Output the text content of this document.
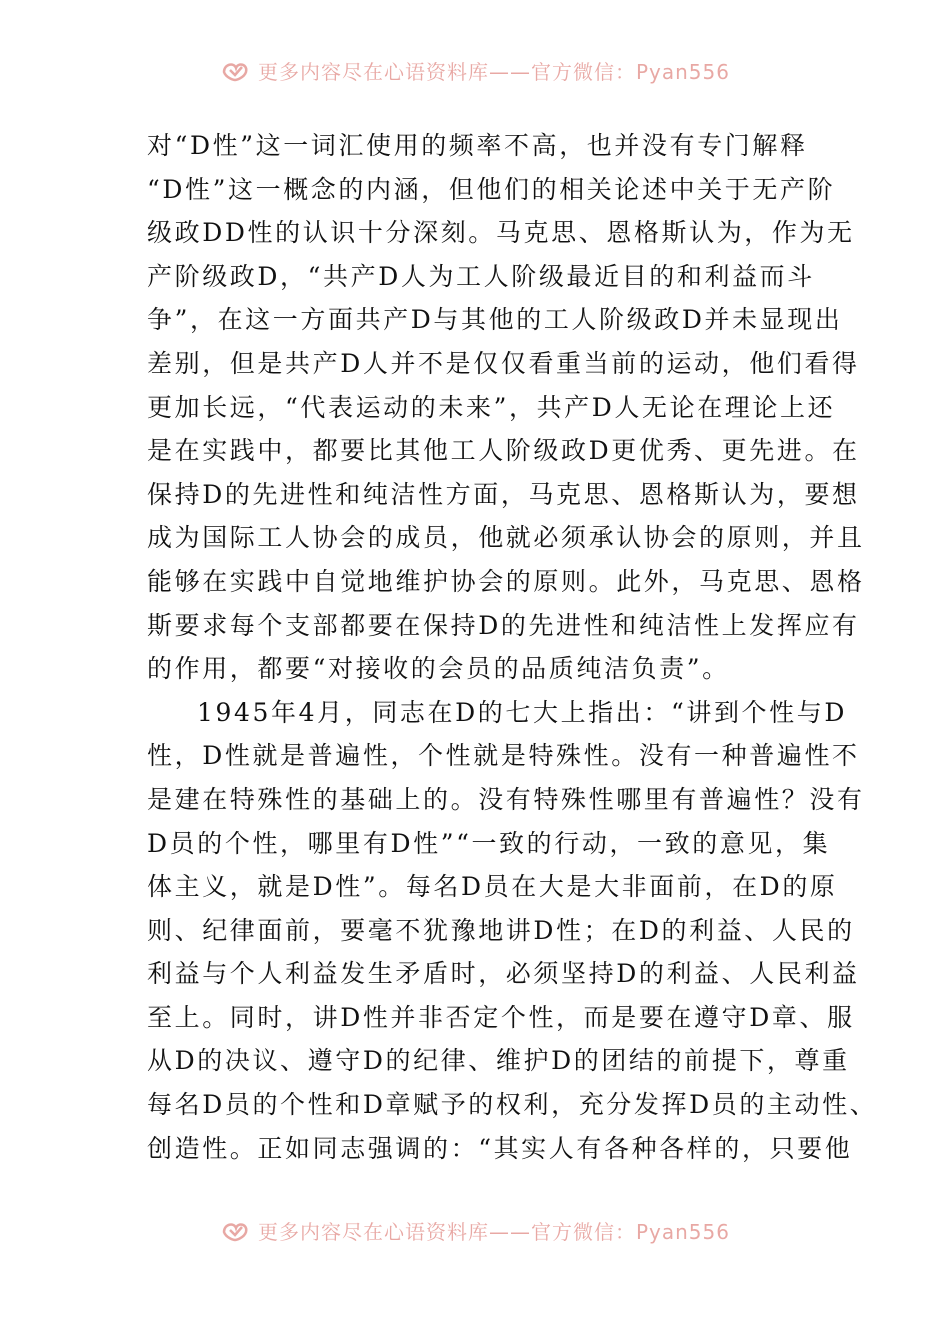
更多内容尽在心语资料库——官方微信：Pyan556
对“D性”这一词汇使用的频率不高，也并没有专门解释
“D性”这一概念的内涵，但他们的相关论述中关于无产阶
级政DD性的认识十分深刻。马克思、恩格斯认为，作为无
产阶级政D，“共产D人为工人阶级最近目的和利益而斗
争”，在这一方面共产D与其他的工人阶级政D并未显现出
差别，但是共产D人并不是仅仅看重当前的运动，他们看得
更加长远，“代表运动的未来”，共产D人无论在理论上还
是在实践中，都要比其他工人阶级政D更优秀、更先进。在
保持D的先进性和纯洁性方面，马克思、恩格斯认为，要想
成为国际工人协会的成员，他就必须承认协会的原则，并且
能够在实践中自觉地维护协会的原则。此外，马克思、恩格
斯要求每个支部都要在保持D的先进性和纯洁性上发挥应有
的作用，都要“对接收的会员的品质纯洁负责”。
1945年4月，同志在D的七大上指出：“讲到个性与D
性，D性就是普遍性，个性就是特殊性。没有一种普遍性不
是建在特殊性的基础上的。没有特殊性哪里有普遍性？没有
D员的个性，哪里有D性”“一致的行动，一致的意见，集
体主义，就是D性”。每名D员在大是大非面前，在D的原
则、纪律面前，要毫不犹豫地讲D性；在D的利益、人民的
利益与个人利益发生矛盾时，必须坚持D的利益、人民利益
至上。同时，讲D性并非否定个性，而是要在遵守D章、服
从D的决议、遵守D的纪律、维护D的团结的前提下，尊重
每名D员的个性和D章赋予的权利，充分发挥D员的主动性、
创造性。正如同志强调的：“其实人有各种各样的，只要他
更多内容尽在心语资料库——官方微信：Pyan556
